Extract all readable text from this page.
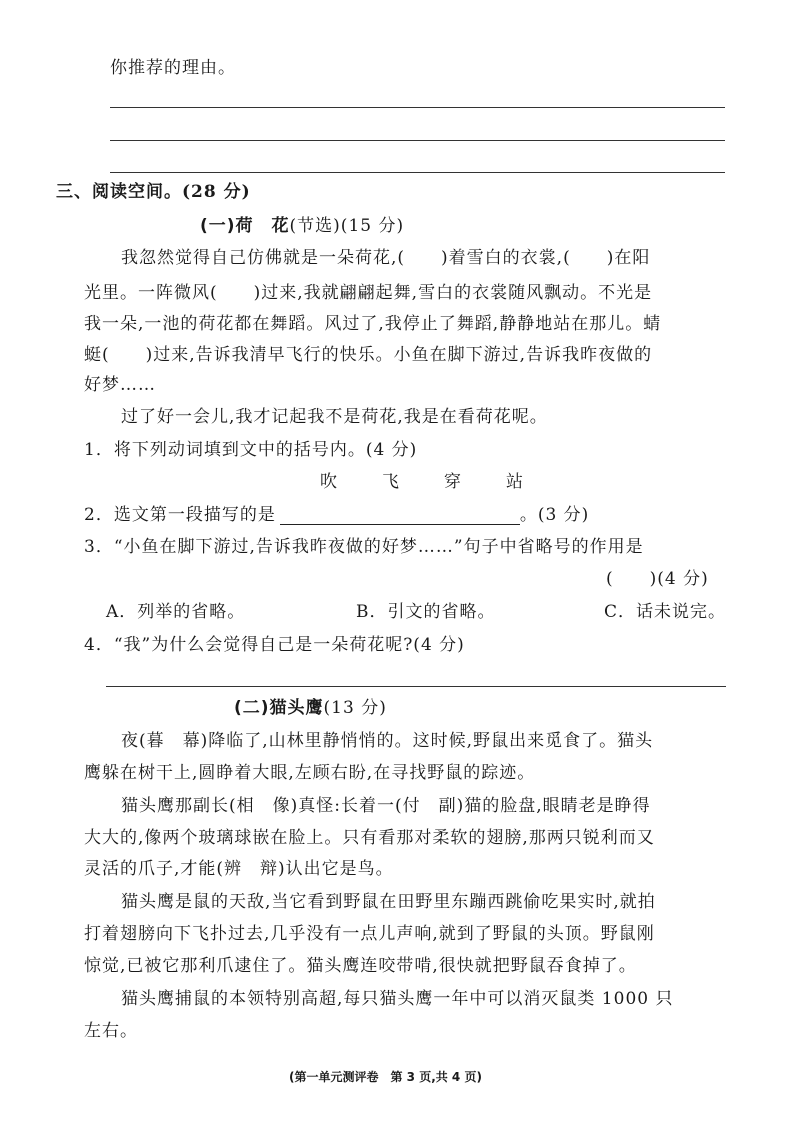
你推荐的理由。
三、阅读空间。(28 分)
(一)荷　花(节选)(15 分)
我忽然觉得自己仿佛就是一朵荷花,(　　)着雪白的衣裳,(　　)在阳
光里。一阵微风(　　)过来,我就翩翩起舞,雪白的衣裳随风飘动。不光是
我一朵,一池的荷花都在舞蹈。风过了,我停止了舞蹈,静静地站在那儿。蜻
蜓(　　)过来,告诉我清早飞行的快乐。小鱼在脚下游过,告诉我昨夜做的
好梦……
过了好一会儿,我才记起我不是荷花,我是在看荷花呢。
1．将下列动词填到文中的括号内。(4 分)
吹	飞	穿	站
2．选文第一段描写的是	。(3 分)
3．“小鱼在脚下游过,告诉我昨夜做的好梦……”句子中省略号的作用是
(　　)(4 分)
A．列举的省略。	B．引文的省略。	C．话未说完。
4．“我”为什么会觉得自己是一朵荷花呢?(4 分)
(二)猫头鹰(13 分)
夜(暮　幕)降临了,山林里静悄悄的。这时候,野鼠出来觅食了。猫头
鹰躲在树干上,圆睁着大眼,左顾右盼,在寻找野鼠的踪迹。
猫头鹰那副长(相　像)真怪:长着一(付　副)猫的脸盘,眼睛老是睁得
大大的,像两个玻璃球嵌在脸上。只有看那对柔软的翅膀,那两只锐利而又
灵活的爪子,才能(辨　辩)认出它是鸟。
猫头鹰是鼠的天敌,当它看到野鼠在田野里东蹦西跳偷吃果实时,就拍
打着翅膀向下飞扑过去,几乎没有一点儿声响,就到了野鼠的头顶。野鼠刚
惊觉,已被它那利爪逮住了。猫头鹰连咬带啃,很快就把野鼠吞食掉了。
猫头鹰捕鼠的本领特别高超,每只猫头鹰一年中可以消灭鼠类 1000 只
左右。
(第一单元测评卷　第 3 页,共 4 页)
